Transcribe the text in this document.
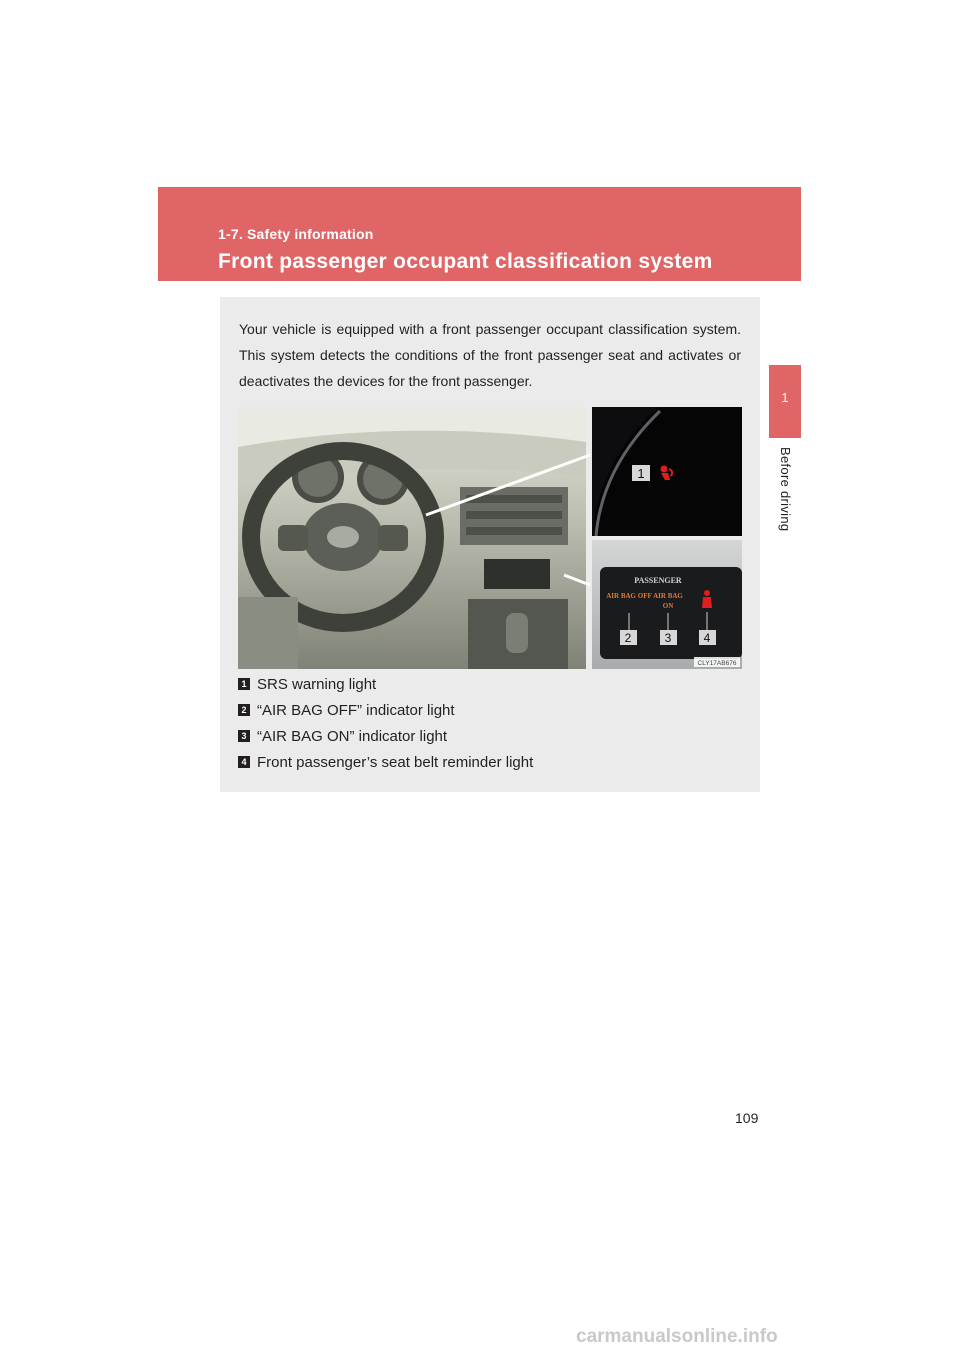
1-7. Safety information
Front passenger occupant classification system
1
Before driving

Your vehicle is equipped with a front passenger occupant classification system. This system detects the conditions of the front passenger seat and activates or deactivates the devices for the front passenger.

1
PASSENGER
AIR BAG OFF AIR BAG
ON
2	3	4
CLY17AB676
1 SRS warning light
2 “AIR BAG OFF” indicator light
3 “AIR BAG ON” indicator light
4 Front passenger’s seat belt reminder light
109
carmanualsonline.info
